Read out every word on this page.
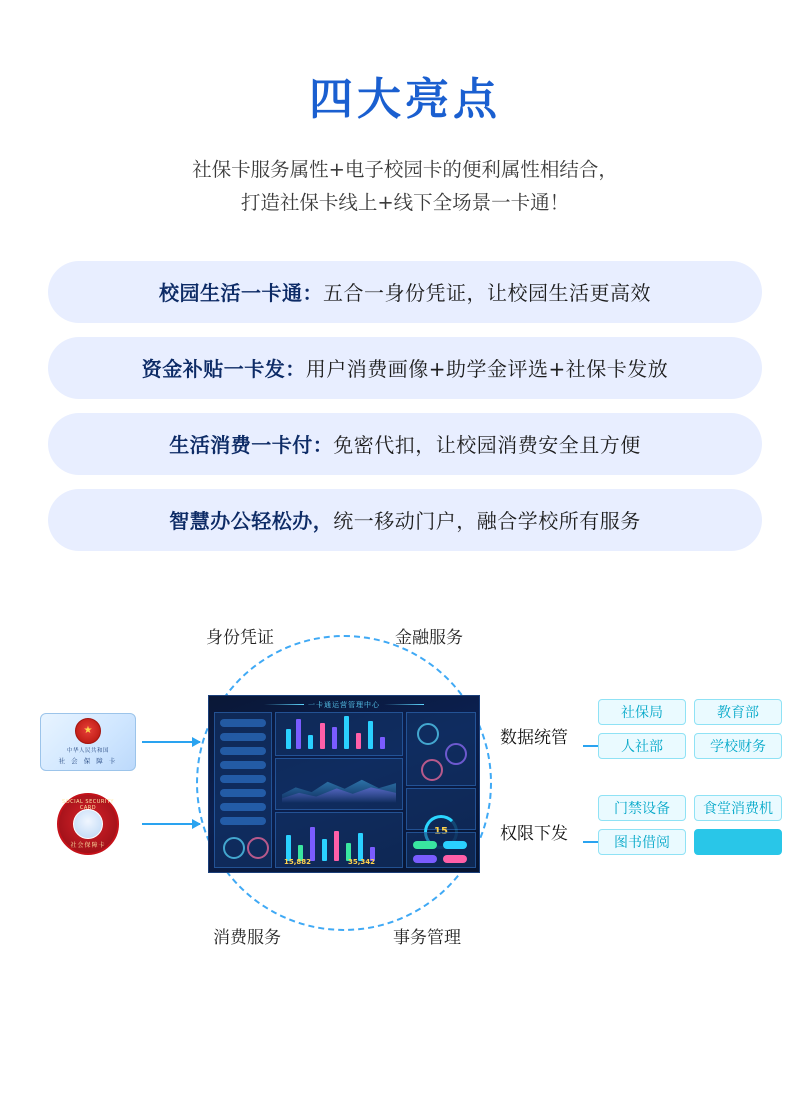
四大亮点
社保卡服务属性+电子校园卡的便利属性相结合，
打造社保卡线上+线下全场景一卡通！
校园生活一卡通： 五合一身份凭证，让校园生活更高效
资金补贴一卡发： 用户消费画像+助学金评选+社保卡发放
生活消费一卡付： 免密代扣，让校园消费安全且方便
智慧办公轻松办， 统一移动门户，融合学校所有服务
身份凭证	金融服务
消费服务	事务管理
★
中华人民共和国
社 会 保 障 卡
SOCIAL SECURITY CARD
社会保障卡
一卡通运营管理中心
15,882	35,342
数据统管
权限下发
社保局	教育部
人社部	学校财务
门禁设备	食堂消费机
图书借阅	· · ·
